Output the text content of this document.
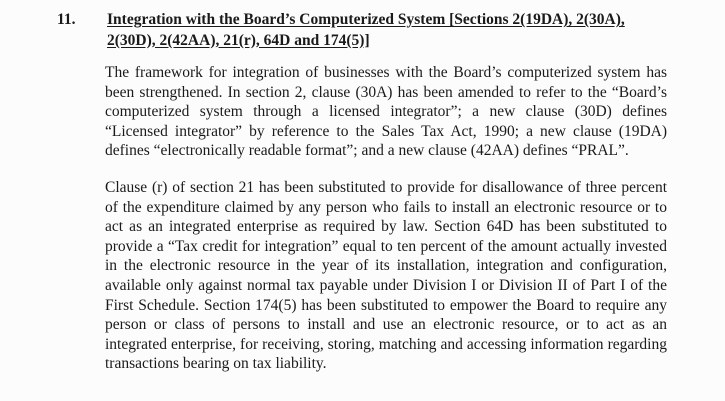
11. Integration with the Board’s Computerized System [Sections 2(19DA), 2(30A), 2(30D), 2(42AA), 21(r), 64D and 174(5)]

The framework for integration of businesses with the Board’s computerized system has been strengthened. In section 2, clause (30A) has been amended to refer to the “Board’s computerized system through a licensed integrator”; a new clause (30D) defines “Licensed integrator” by reference to the Sales Tax Act, 1990; a new clause (19DA) defines “electronically readable format”; and a new clause (42AA) defines “PRAL”.

Clause (r) of section 21 has been substituted to provide for disallowance of three percent of the expenditure claimed by any person who fails to install an electronic resource or to act as an integrated enterprise as required by law. Section 64D has been substituted to provide a “Tax credit for integration” equal to ten percent of the amount actually invested in the electronic resource in the year of its installation, integration and configuration, available only against normal tax payable under Division I or Division II of Part I of the First Schedule. Section 174(5) has been substituted to empower the Board to require any person or class of persons to install and use an electronic resource, or to act as an integrated enterprise, for receiving, storing, matching and accessing information regarding transactions bearing on tax liability.
